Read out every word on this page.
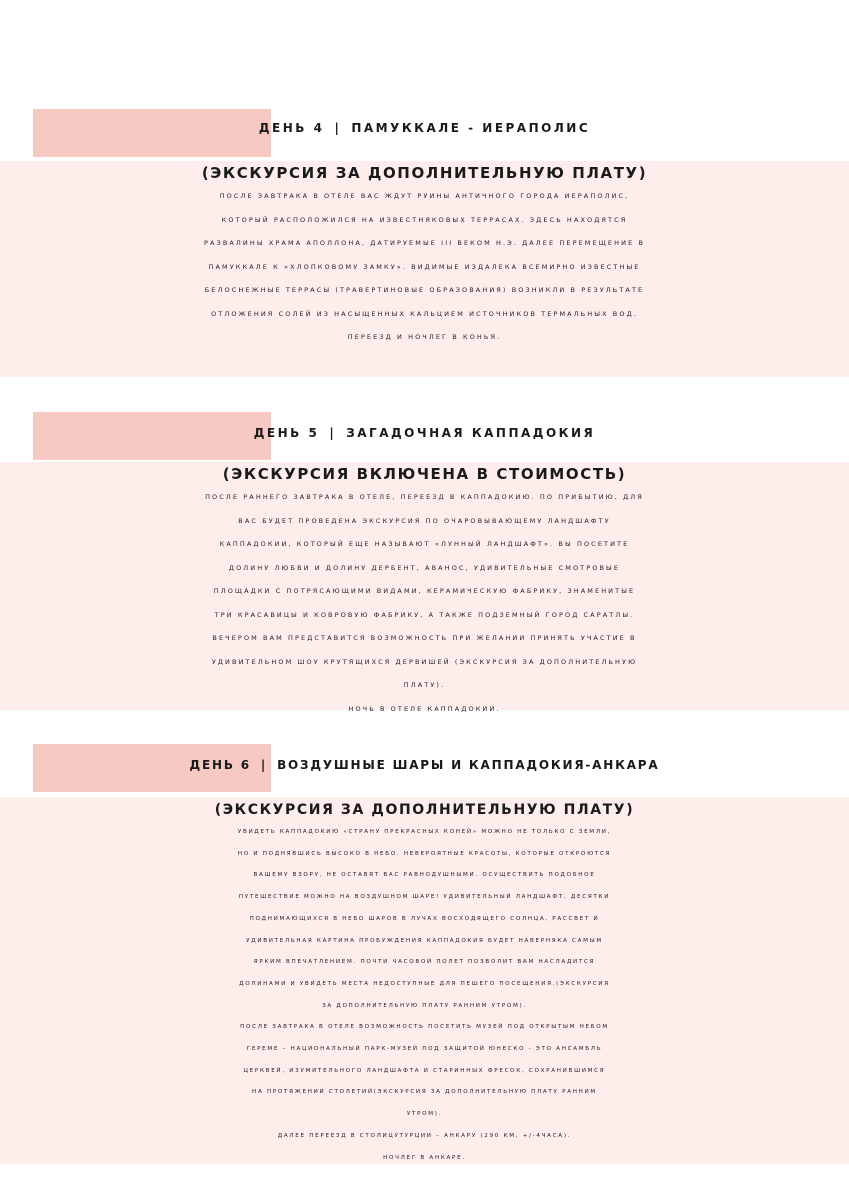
ДЕНЬ 4 | ПАМУККАЛЕ - ИЕРАПОЛИС
(ЭКСКУРСИЯ ЗА ДОПОЛНИТЕЛЬНУЮ ПЛАТУ)
ПОСЛЕ ЗАВТРАКА В ОТЕЛЕ ВАС ЖДУТ РУИНЫ АНТИЧНОГО ГОРОДА ИЕРАПОЛИС,
КОТОРЫЙ РАСПОЛОЖИЛСЯ НА ИЗВЕСТНЯКОВЫХ ТЕРРАСАХ. ЗДЕСЬ НАХОДЯТСЯ
РАЗВАЛИНЫ ХРАМА АПОЛЛОНА, ДАТИРУЕМЫЕ III ВЕКОМ Н.Э. ДАЛЕЕ ПЕРЕМЕЩЕНИЕ В
ПАМУККАЛЕ К «ХЛОПКОВОМУ ЗАМКУ». ВИДИМЫЕ ИЗДАЛЕКА ВСЕМИРНО ИЗВЕСТНЫЕ
БЕЛОСНЕЖНЫЕ ТЕРРАСЫ (ТРАВЕРТИНОВЫЕ ОБРАЗОВАНИЯ) ВОЗНИКЛИ В РЕЗУЛЬТАТЕ
ОТЛОЖЕНИЯ СОЛЕЙ ИЗ НАСЫЩЕННЫХ КАЛЬЦИЕМ ИСТОЧНИКОВ ТЕРМАЛЬНЫХ ВОД.
ПЕРЕЕЗД И НОЧЛЕГ В КОНЬЯ.
ДЕНЬ 5 | ЗАГАДОЧНАЯ КАППАДОКИЯ
(ЭКСКУРСИЯ ВКЛЮЧЕНА В СТОИМОСТЬ)
ПОСЛЕ РАННЕГО ЗАВТРАКА В ОТЕЛЕ, ПЕРЕЕЗД В КАППАДОКИЮ. ПО ПРИБЫТИЮ, ДЛЯ
ВАС БУДЕТ ПРОВЕДЕНА ЭКСКУРСИЯ ПО ОЧАРОВЫВАЮЩЕМУ ЛАНДШАФТУ
КАППАДОКИИ, КОТОРЫЙ ЕЩЕ НАЗЫВАЮТ «ЛУННЫЙ ЛАНДШАФТ». ВЫ ПОСЕТИТЕ
ДОЛИНУ ЛЮБВИ И ДОЛИНУ ДЕРБЕНТ, АВАНОС, УДИВИТЕЛЬНЫЕ СМОТРОВЫЕ
ПЛОЩАДКИ С ПОТРЯСАЮЩИМИ ВИДАМИ, КЕРАМИЧЕСКУЮ ФАБРИКУ, ЗНАМЕНИТЫЕ
ТРИ КРАСАВИЦЫ И КОВРОВУЮ ФАБРИКУ, А ТАКЖЕ ПОДЗЕМНЫЙ ГОРОД САРАТЛЫ.
ВЕЧЕРОМ ВАМ ПРЕДСТАВИТСЯ ВОЗМОЖНОСТЬ ПРИ ЖЕЛАНИИ ПРИНЯТЬ УЧАСТИЕ В
УДИВИТЕЛЬНОМ ШОУ КРУТЯЩИХСЯ ДЕРВИШЕЙ (ЭКСКУРСИЯ ЗА ДОПОЛНИТЕЛЬНУЮ
ПЛАТУ).
НОЧЬ В ОТЕЛЕ КАППАДОКИИ.
ДЕНЬ 6 | ВОЗДУШНЫЕ ШАРЫ И КАППАДОКИЯ-АНКАРА
(ЭКСКУРСИЯ ЗА ДОПОЛНИТЕЛЬНУЮ ПЛАТУ)
УВИДЕТЬ КАППАДОКИЮ «СТРАНУ ПРЕКРАСНЫХ КОНЕЙ» МОЖНО НЕ ТОЛЬКО С ЗЕМЛИ,
НО И ПОДНЯВШИСЬ ВЫСОКО В НЕБО. НЕВЕРОЯТНЫЕ КРАСОТЫ, КОТОРЫЕ ОТКРОЮТСЯ
ВАШЕМУ ВЗОРУ, НЕ ОСТАВЯТ ВАС РАВНОДУШНЫМИ. ОСУЩЕСТВИТЬ ПОДОБНОЕ
ПУТЕШЕСТВИЕ МОЖНО НА ВОЗДУШНОМ ШАРЕ! УДИВИТЕЛЬНЫЙ ЛАНДШАФТ, ДЕСЯТКИ
ПОДНИМАЮЩИХСЯ В НЕБО ШАРОВ В ЛУЧАХ ВОСХОДЯЩЕГО СОЛНЦА, РАССВЕТ И
УДИВИТЕЛЬНАЯ КАРТИНА ПРОБУЖДЕНИЯ КАППАДОКИЯ БУДЕТ НАВЕРНЯКА САМЫМ
ЯРКИМ ВПЕЧАТЛЕНИЕМ. ПОЧТИ ЧАСОВОЙ ПОЛЕТ ПОЗВОЛИТ ВАМ НАСЛАДИТСЯ
ДОЛИНАМИ И УВИДЕТЬ МЕСТА НЕДОСТУПНЫЕ ДЛЯ ПЕШЕГО ПОСЕЩЕНИЯ.(ЭКСКУРСИЯ
ЗА ДОПОЛНИТЕЛЬНУЮ ПЛАТУ РАННИМ УТРОМ).
ПОСЛЕ ЗАВТРАКА В ОТЕЛЕ ВОЗМОЖНОСТЬ ПОСЕТИТЬ МУЗЕЙ ПОД ОТКРЫТЫМ НЕБОМ
ГЕРЕМЕ – НАЦИОНАЛЬНЫЙ ПАРК-МУЗЕЙ ПОД ЗАЩИТОЙ ЮНЕСКО - ЭТО АНСАМБЛЬ
ЦЕРКВЕЙ, ИЗУМИТЕЛЬНОГО ЛАНДШАФТА И СТАРИННЫХ ФРЕСОК, СОХРАНИВШИМСЯ
НА ПРОТЯЖЕНИИ СТОЛЕТИЙ(ЭКСКУРСИЯ ЗА ДОПОЛНИТЕЛЬНУЮ ПЛАТУ РАННИМ
УТРОМ).
ДАЛЕЕ ПЕРЕЕЗД В СТОЛИЦУТУРЦИИ – АНКАРУ (290 КМ, +/-4ЧАСА).
НОЧЛЕГ В АНКАРЕ.
